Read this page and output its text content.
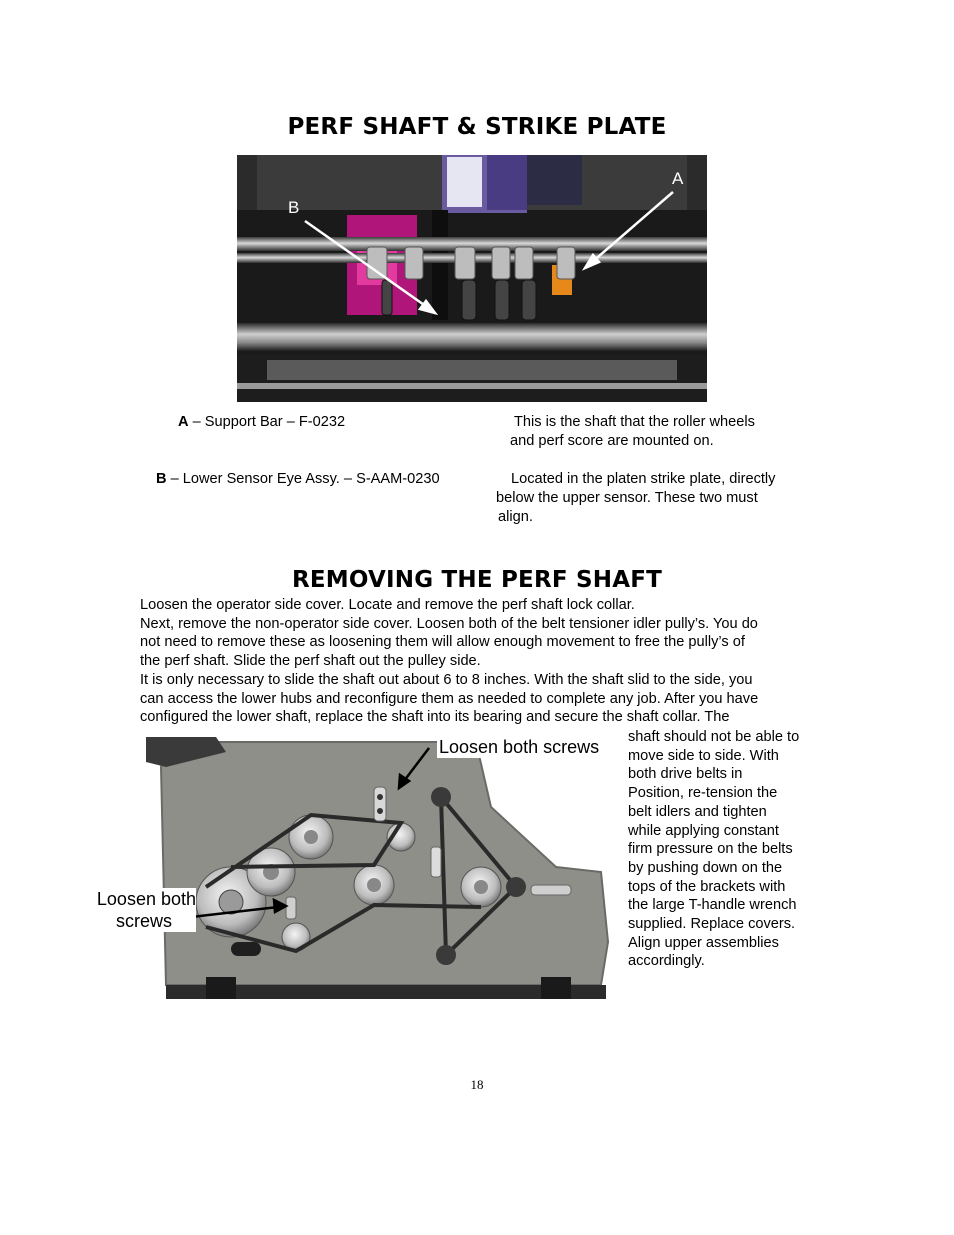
PERF SHAFT & STRIKE PLATE
A
B
A – Support Bar – F-0232	This is the shaft that the roller wheels
and perf score are mounted on.
B – Lower Sensor Eye Assy. – S-AAM-0230	Located in the platen strike plate, directly
below the upper sensor. These two must
align.
REMOVING THE PERF SHAFT
Loosen the operator side cover. Locate and remove the perf shaft lock collar.
Next, remove the non-operator side cover. Loosen both of the belt tensioner idler pully’s. You do
not need to remove these as loosening them will allow enough movement to free the pully’s of
the perf shaft. Slide the perf shaft out the pulley side.
It is only necessary to slide the shaft out about 6 to 8 inches. With the shaft slid to the side, you
can access the lower hubs and reconfigure them as needed to complete any job. After you have
configured the lower shaft, replace the shaft into its bearing and secure the shaft collar. The
Loosen both screws
Loosen both
screws
shaft should not be able to
move side to side. With
both drive belts in
Position, re-tension the
belt idlers and tighten
while applying constant
firm pressure on the belts
by pushing down on the
tops of the brackets with
the large T-handle wrench
supplied. Replace covers.
Align upper assemblies
accordingly.
18
